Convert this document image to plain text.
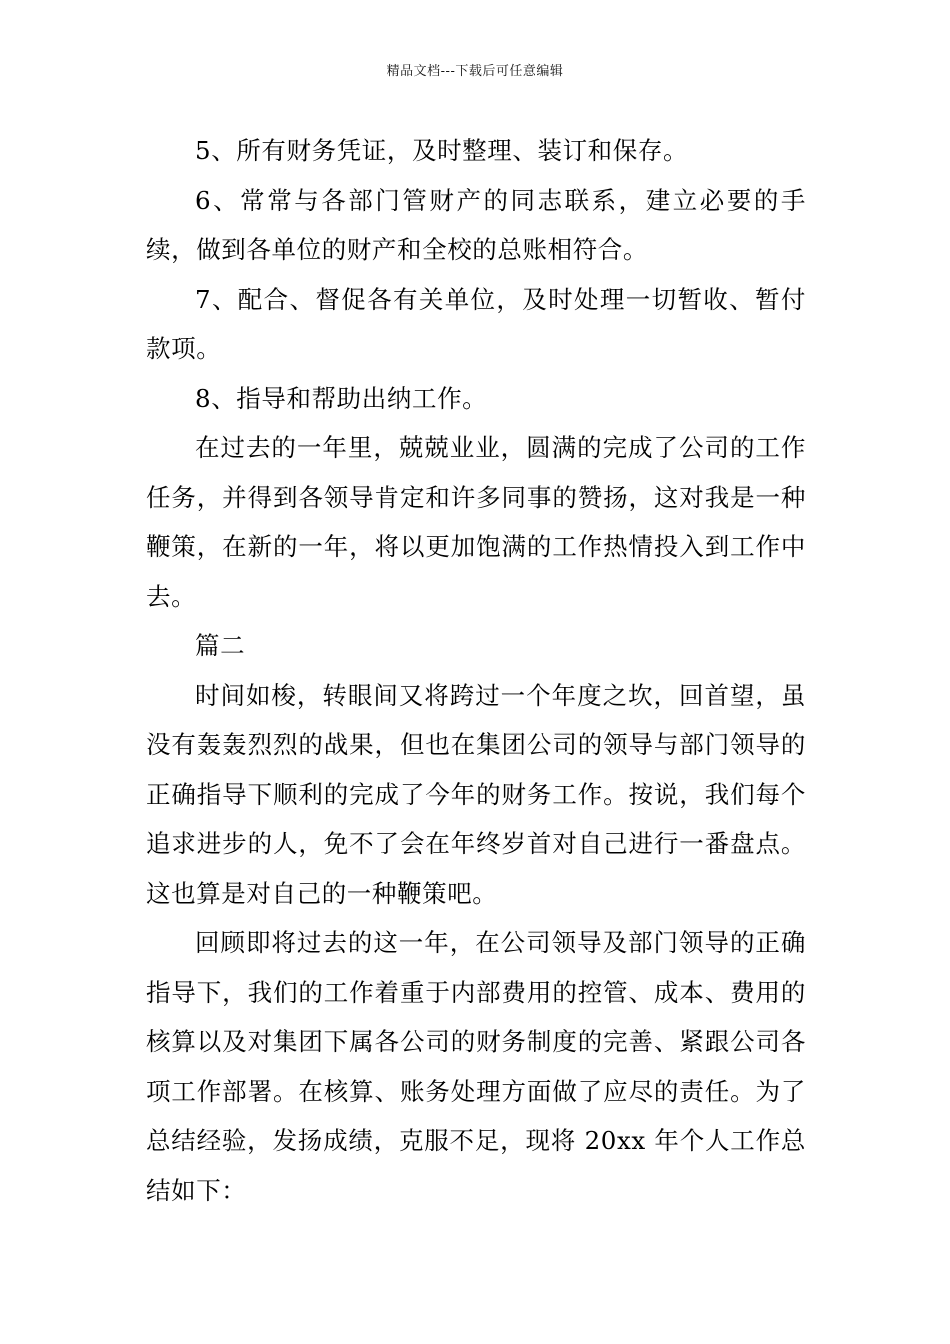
精品文档---下载后可任意编辑

5、所有财务凭证，及时整理、装订和保存。

6、常常与各部门管财产的同志联系，建立必要的手续，做到各单位的财产和全校的总账相符合。

7、配合、督促各有关单位，及时处理一切暂收、暂付款项。

8、指导和帮助出纳工作。

在过去的一年里，兢兢业业，圆满的完成了公司的工作任务，并得到各领导肯定和许多同事的赞扬，这对我是一种鞭策，在新的一年，将以更加饱满的工作热情投入到工作中去。

篇二

时间如梭，转眼间又将跨过一个年度之坎，回首望，虽没有轰轰烈烈的战果，但也在集团公司的领导与部门领导的正确指导下顺利的完成了今年的财务工作。按说，我们每个追求进步的人，免不了会在年终岁首对自己进行一番盘点。这也算是对自己的一种鞭策吧。

回顾即将过去的这一年，在公司领导及部门领导的正确指导下，我们的工作着重于内部费用的控管、成本、费用的核算以及对集团下属各公司的财务制度的完善、紧跟公司各项工作部署。在核算、账务处理方面做了应尽的责任。为了总结经验，发扬成绩，克服不足，现将 20xx 年个人工作总结如下：
